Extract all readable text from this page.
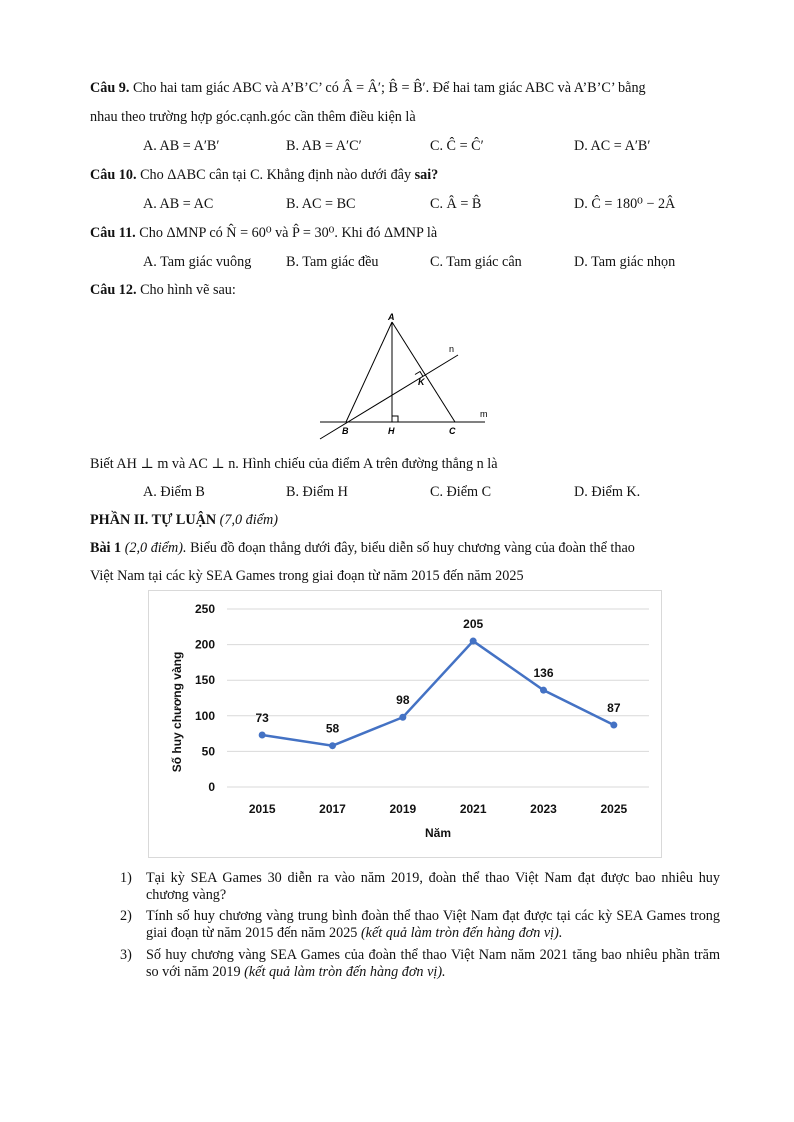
Câu 9. Cho hai tam giác ABC và A’B’C’ có Â = Â′; B̂ = B̂′. Để hai tam giác ABC và A’B’C’ bằng
nhau theo trường hợp góc.cạnh.góc cần thêm điều kiện là
A. AB = A′B′	B. AB = A′C′	C. Ĉ = Ĉ′	D. AC = A′B′
Câu 10. Cho ΔABC cân tại C. Khẳng định nào dưới đây sai?
A. AB = AC	B. AC = BC	C. Â = B̂	D. Ĉ = 180⁰ − 2Â
Câu 11. Cho ΔMNP có N̂ = 60⁰ và P̂ = 30⁰. Khi đó ΔMNP là
A. Tam giác vuông B. Tam giác đều	C. Tam giác cân	D. Tam giác nhọn
Câu 12. Cho hình vẽ sau:
A
B	H	C
K
n
m
Biết AH ⊥ m và AC ⊥ n. Hình chiếu của điểm A trên đường thẳng n là
A. Điểm B	B. Điểm H	C. Điểm C	D. Điểm K.
PHẦN II. TỰ LUẬN (7,0 điểm)
Bài 1 (2,0 điểm). Biểu đồ đoạn thẳng dưới đây, biểu diễn số huy chương vàng của đoàn thể thao
Việt Nam tại các kỳ SEA Games trong giai đoạn từ năm 2015 đến năm 2025
0
50
100
150
200
250
2015	2017	2019	2021	2023	2025
73
58
98
205
136
87
Năm
Số huy chương vàng
1) Tại kỳ SEA Games 30 diễn ra vào năm 2019, đoàn thể thao Việt Nam đạt được bao nhiêu huy chương vàng?
2) Tính số huy chương vàng trung bình đoàn thể thao Việt Nam đạt được tại các kỳ SEA Games trong giai đoạn từ năm 2015 đến năm 2025 (kết quả làm tròn đến hàng đơn vị).
3) Số huy chương vàng SEA Games của đoàn thể thao Việt Nam năm 2021 tăng bao nhiêu phần trăm so với năm 2019 (kết quả làm tròn đến hàng đơn vị).
